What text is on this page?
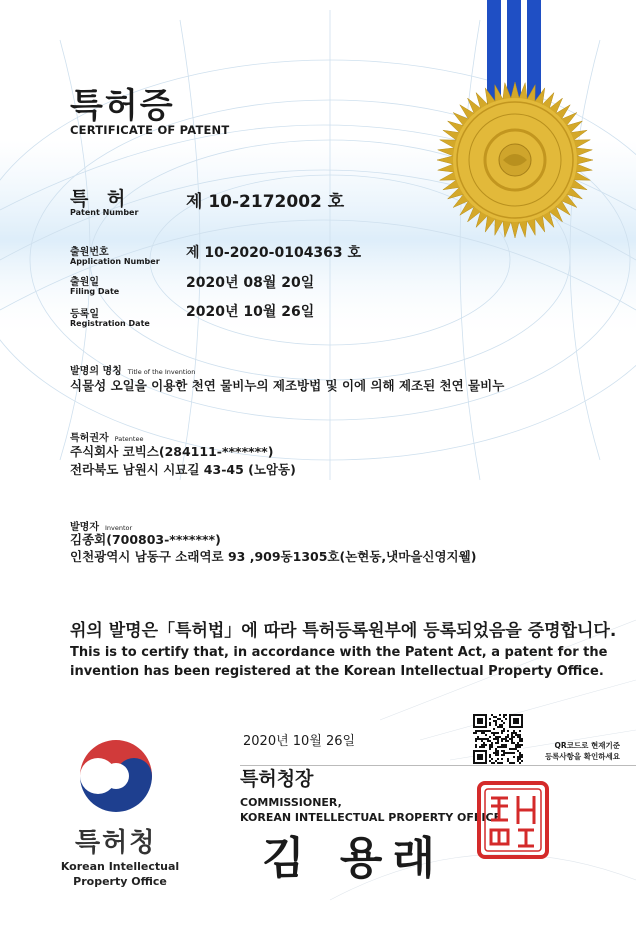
특허증
CERTIFICATE OF PATENT
특 허
Patent Number
제 10-2172002 호
출원번호
Application Number
제 10-2020-0104363 호
출원일
Filing Date
2020년 08월 20일
등록일
Registration Date
2020년 10월 26일
발명의 명칭 Title of the Invention
식물성 오일을 이용한 천연 물비누의 제조방법 및 이에 의해 제조된 천연 물비누
특허권자 Patentee
주식회사 코빅스(284111-*******)
전라북도 남원시 시묘길 43-45 (노암동)
발명자 Inventor
김종회(700803-*******)
인천광역시 남동구 소래역로 93 ,909동1305호(논현동,냇마을신영지웰)
위의 발명은「특허법」에 따라 특허등록원부에 등록되었음을 증명합니다.
This is to certify that, in accordance with the Patent Act, a patent for the
invention has been registered at the Korean Intellectual Property Office.
2020년 10월 26일	QR코드로 현재기준
등록사항을 확인하세요
특허청장
COMMISSIONER,
KOREAN INTELLECTUAL PROPERTY OFFICE
김 용래
특허청
Korean Intellectual
Property Office
